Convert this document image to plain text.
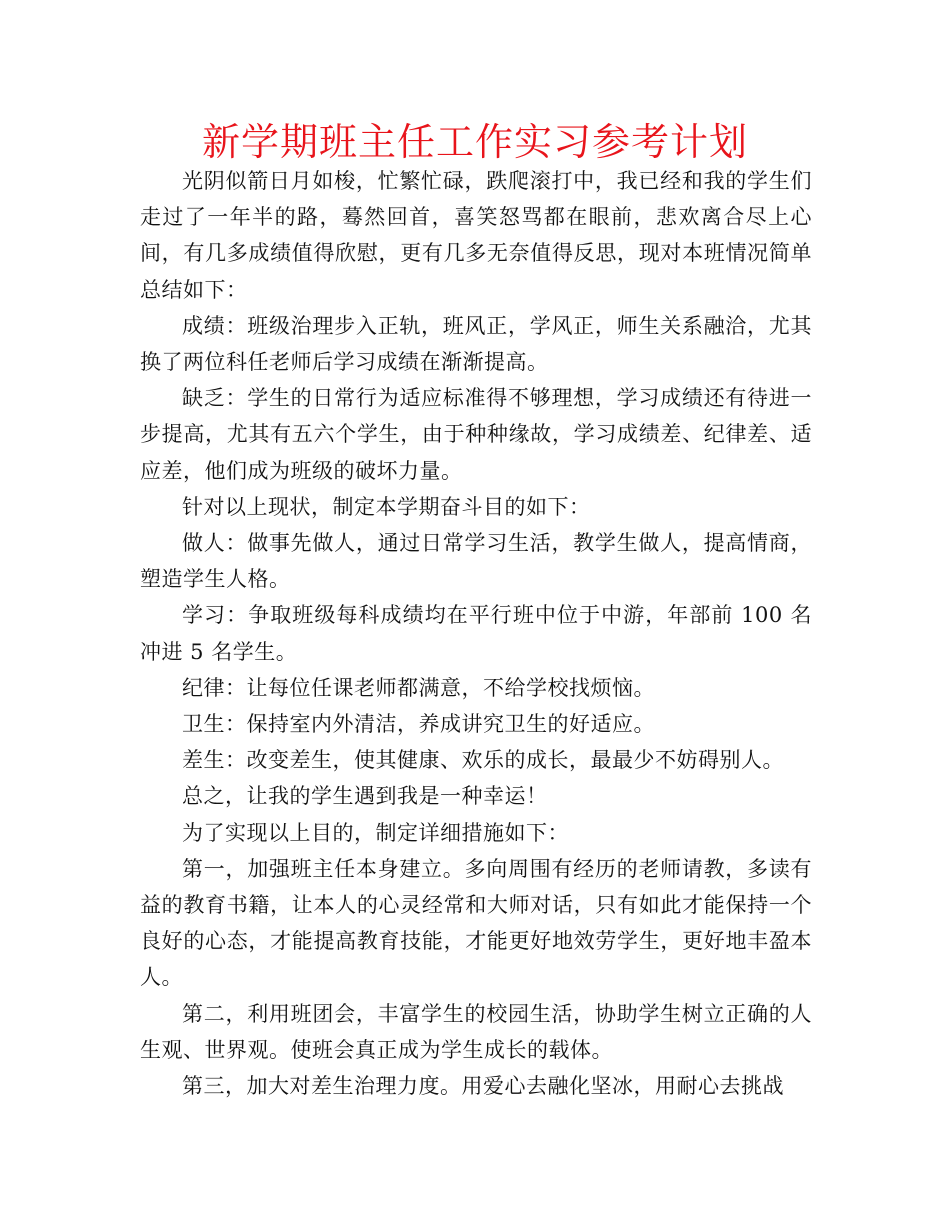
新学期班主任工作实习参考计划

光阴似箭日月如梭，忙繁忙碌，跌爬滚打中，我已经和我的学生们走过了一年半的路，蓦然回首，喜笑怒骂都在眼前，悲欢离合尽上心间，有几多成绩值得欣慰，更有几多无奈值得反思，现对本班情况简单总结如下：

成绩：班级治理步入正轨，班风正，学风正，师生关系融洽，尤其换了两位科任老师后学习成绩在渐渐提高。

缺乏：学生的日常行为适应标准得不够理想，学习成绩还有待进一步提高，尤其有五六个学生，由于种种缘故，学习成绩差、纪律差、适应差，他们成为班级的破坏力量。

针对以上现状，制定本学期奋斗目的如下：

做人：做事先做人，通过日常学习生活，教学生做人，提高情商，塑造学生人格。

学习：争取班级每科成绩均在平行班中位于中游，年部前 100 名冲进 5 名学生。

纪律：让每位任课老师都满意，不给学校找烦恼。

卫生：保持室内外清洁，养成讲究卫生的好适应。

差生：改变差生，使其健康、欢乐的成长，最最少不妨碍别人。

总之，让我的学生遇到我是一种幸运！

为了实现以上目的，制定详细措施如下：

第一，加强班主任本身建立。多向周围有经历的老师请教，多读有益的教育书籍，让本人的心灵经常和大师对话，只有如此才能保持一个良好的心态，才能提高教育技能，才能更好地效劳学生，更好地丰盈本人。

第二，利用班团会，丰富学生的校园生活，协助学生树立正确的人生观、世界观。使班会真正成为学生成长的载体。

第三，加大对差生治理力度。用爱心去融化坚冰，用耐心去挑战
